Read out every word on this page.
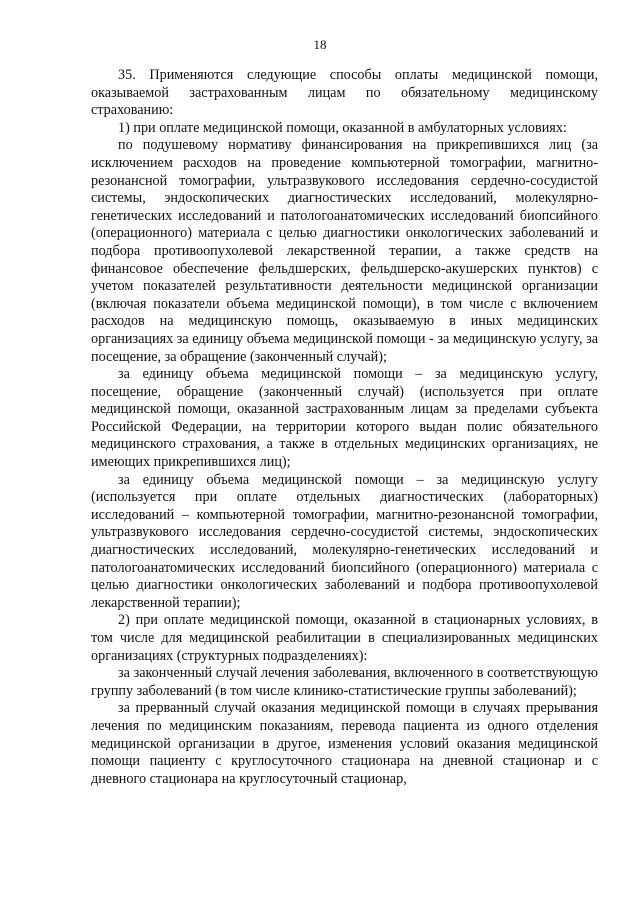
18

35. Применяются следующие способы оплаты медицинской помощи, оказываемой застрахованным лицам по обязательному медицинскому страхованию:

1) при оплате медицинской помощи, оказанной в амбулаторных условиях:

по подушевому нормативу финансирования на прикрепившихся лиц (за исключением расходов на проведение компьютерной томографии, магнитно-резонансной томографии, ультразвукового исследования сердечно-сосудистой системы, эндоскопических диагностических исследований, молекулярно-генетических исследований и патологоанатомических исследований биопсийного (операционного) материала с целью диагностики онкологических заболеваний и подбора противоопухолевой лекарственной терапии, а также средств на финансовое обеспечение фельдшерских, фельдшерско-акушерских пунктов) с учетом показателей результативности деятельности медицинской организации (включая показатели объема медицинской помощи), в том числе с включением расходов на медицинскую помощь, оказываемую в иных медицинских организациях за единицу объема медицинской помощи - за медицинскую услугу, за посещение, за обращение (законченный случай);

за единицу объема медицинской помощи – за медицинскую услугу, посещение, обращение (законченный случай) (используется при оплате медицинской помощи, оказанной застрахованным лицам за пределами субъекта Российской Федерации, на территории которого выдан полис обязательного медицинского страхования, а также в отдельных медицинских организациях, не имеющих прикрепившихся лиц);

за единицу объема медицинской помощи – за медицинскую услугу (используется при оплате отдельных диагностических (лабораторных) исследований – компьютерной томографии, магнитно-резонансной томографии, ультразвукового исследования сердечно-сосудистой системы, эндоскопических диагностических исследований, молекулярно-генетических исследований и патологоанатомических исследований биопсийного (операционного) материала с целью диагностики онкологических заболеваний и подбора противоопухолевой лекарственной терапии);

2) при оплате медицинской помощи, оказанной в стационарных условиях, в том числе для медицинской реабилитации в специализированных медицинских организациях (структурных подразделениях):

за законченный случай лечения заболевания, включенного в соответствующую группу заболеваний (в том числе клинико-статистические группы заболеваний);

за прерванный случай оказания медицинской помощи в случаях прерывания лечения по медицинским показаниям, перевода пациента из одного отделения медицинской организации в другое, изменения условий оказания медицинской помощи пациенту с круглосуточного стационара на дневной стационар и с дневного стационара на круглосуточный стационар,
